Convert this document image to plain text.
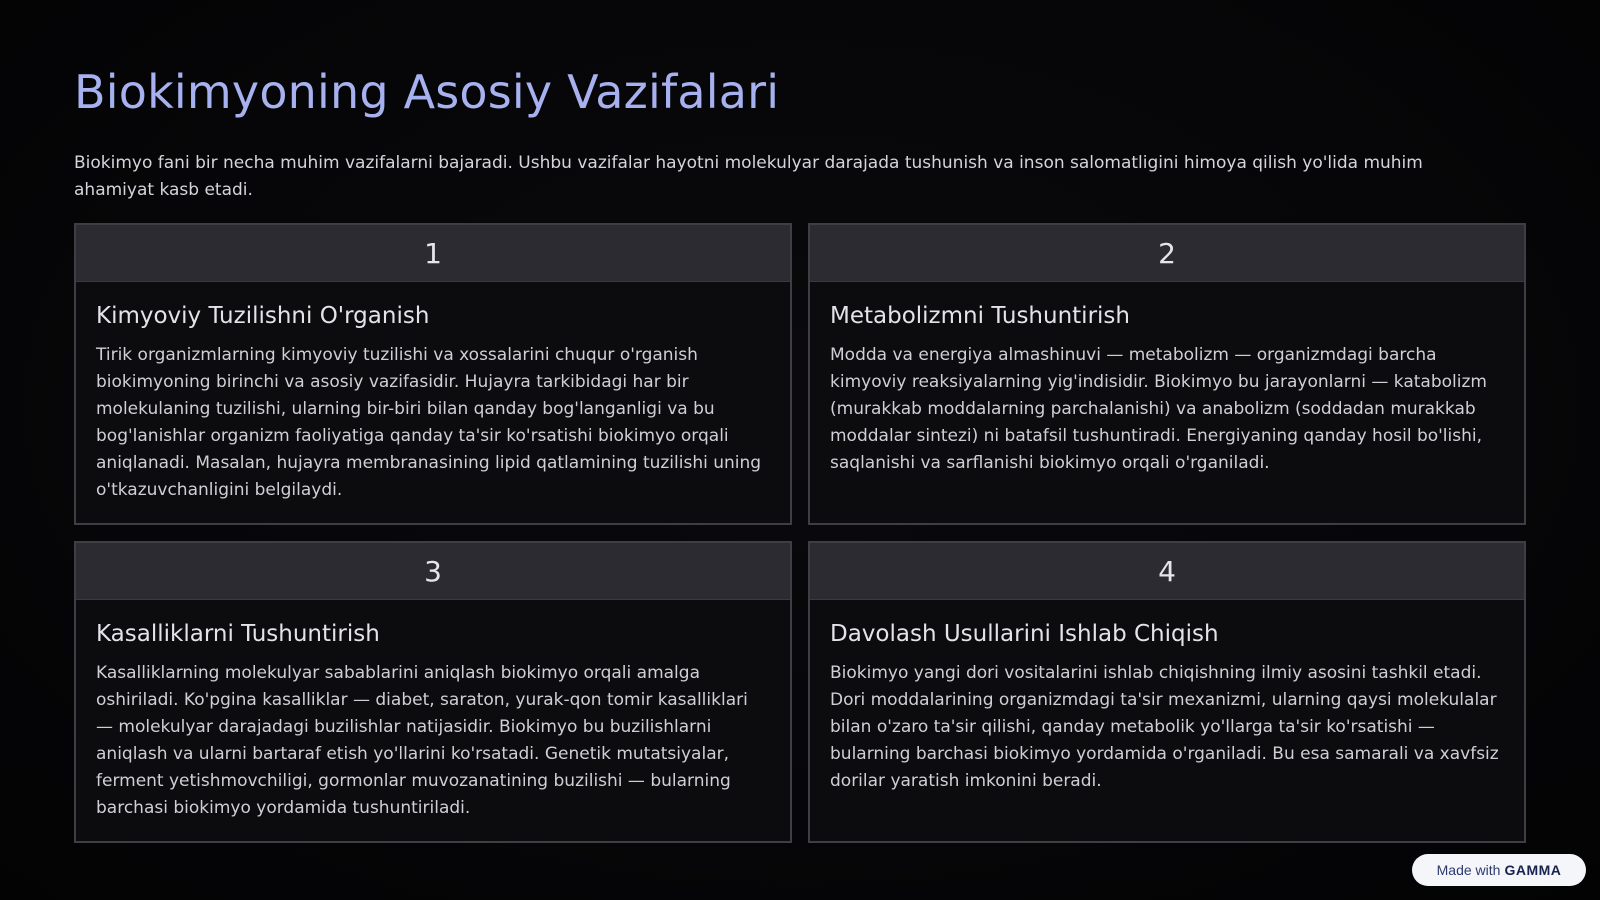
Biokimyoning Asosiy Vazifalari

Biokimyo fani bir necha muhim vazifalarni bajaradi. Ushbu vazifalar hayotni molekulyar darajada tushunish va inson salomatligini himoya qilish yo'lida muhim ahamiyat kasb etadi.

1
Kimyoviy Tuzilishni O'rganish

Tirik organizmlarning kimyoviy tuzilishi va xossalarini chuqur o'rganish biokimyoning birinchi va asosiy vazifasidir. Hujayra tarkibidagi har bir molekulaning tuzilishi, ularning bir-biri bilan qanday bog'langanligi va bu bog'lanishlar organizm faoliyatiga qanday ta'sir ko'rsatishi biokimyo orqali aniqlanadi. Masalan, hujayra membranasining lipid qatlamining tuzilishi uning o'tkazuvchanligini belgilaydi.

2
Metabolizmni Tushuntirish

Modda va energiya almashinuvi — metabolizm — organizmdagi barcha kimyoviy reaksiyalarning yig'indisidir. Biokimyo bu jarayonlarni — katabolizm (murakkab moddalarning parchalanishi) va anabolizm (soddadan murakkab moddalar sintezi) ni batafsil tushuntiradi. Energiyaning qanday hosil bo'lishi, saqlanishi va sarflanishi biokimyo orqali o'rganiladi.

3
Kasalliklarni Tushuntirish

Kasalliklarning molekulyar sabablarini aniqlash biokimyo orqali amalga oshiriladi. Ko'pgina kasalliklar — diabet, saraton, yurak-qon tomir kasalliklari — molekulyar darajadagi buzilishlar natijasidir. Biokimyo bu buzilishlarni aniqlash va ularni bartaraf etish yo'llarini ko'rsatadi. Genetik mutatsiyalar, ferment yetishmovchiligi, gormonlar muvozanatining buzilishi — bularning barchasi biokimyo yordamida tushuntiriladi.

4
Davolash Usullarini Ishlab Chiqish

Biokimyo yangi dori vositalarini ishlab chiqishning ilmiy asosini tashkil etadi. Dori moddalarining organizmdagi ta'sir mexanizmi, ularning qaysi molekulalar bilan o'zaro ta'sir qilishi, qanday metabolik yo'llarga ta'sir ko'rsatishi — bularning barchasi biokimyo yordamida o'rganiladi. Bu esa samarali va xavfsiz dorilar yaratish imkonini beradi.

Made with GAMMA
